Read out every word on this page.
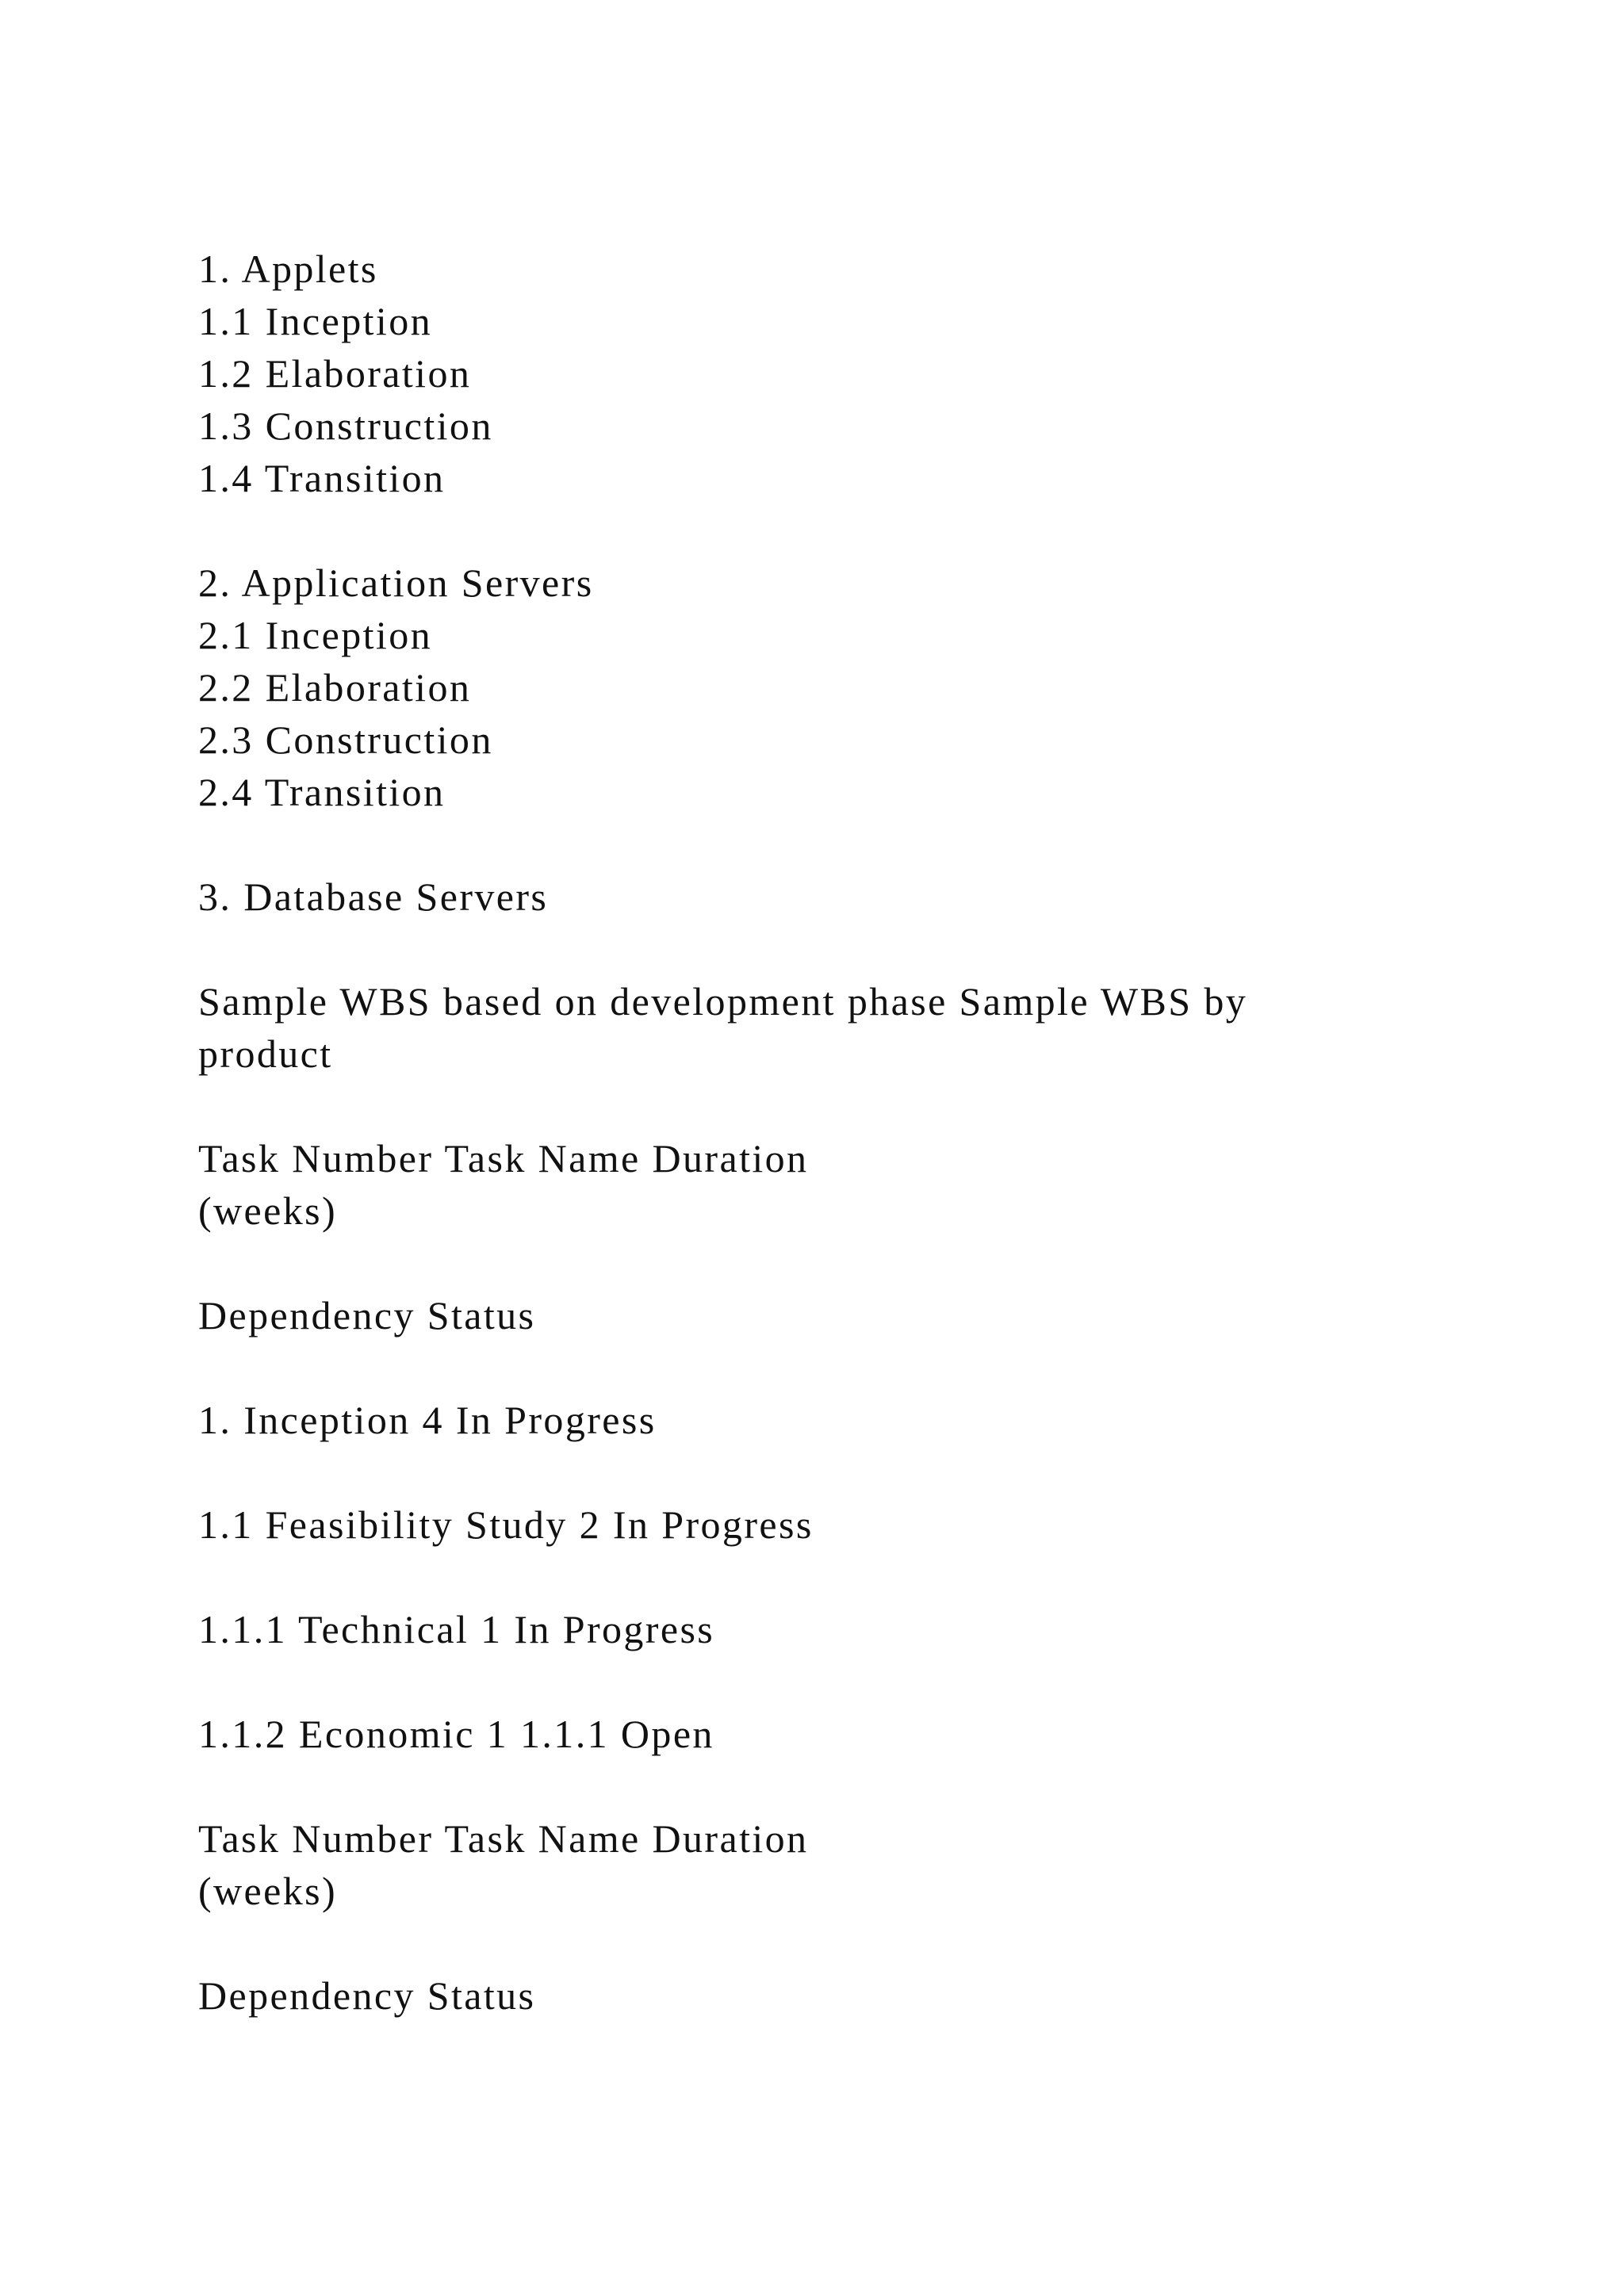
1. Applets
1.1 Inception
1.2 Elaboration
1.3 Construction
1.4 Transition
2. Application Servers
2.1 Inception
2.2 Elaboration
2.3 Construction
2.4 Transition
3. Database Servers
Sample WBS based on development phase Sample WBS by
product
Task Number Task Name Duration
(weeks)
Dependency Status
1. Inception 4 In Progress
1.1 Feasibility Study 2 In Progress
1.1.1 Technical 1 In Progress
1.1.2 Economic 1 1.1.1 Open
Task Number Task Name Duration
(weeks)
Dependency Status
